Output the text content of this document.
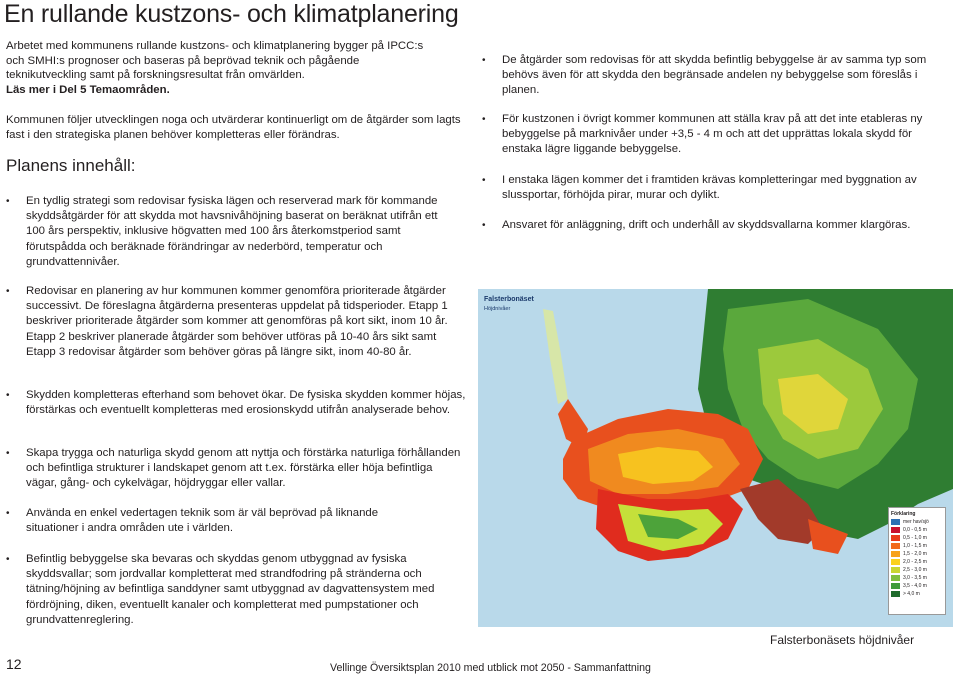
En rullande kustzons- och klimatplanering
Arbetet med kommunens rullande kustzons- och klimatplanering bygger på IPCC:s och SMHI:s prognoser och baseras på beprövad teknik och pågående teknikutveckling samt på forskningsresultat från omvärlden.
Läs mer i Del 5 Temaområden.
Kommunen följer utvecklingen noga och utvärderar kontinuerligt om de åtgärder som lagts fast i den strategiska planen behöver kompletteras eller förändras.
Planens innehåll:
• En tydlig strategi som redovisar fysiska lägen och reserverad mark för kommande skyddsåtgärder för att skydda mot havsnivåhöjning baserat on beräknat utifrån ett 100 års perspektiv, inklusive högvatten med 100 års återkomstperiod samt förutspådda och beräknade förändringar av nederbörd, temperatur och grundvattennivåer.
• Redovisar en planering av hur kommunen kommer genomföra prioriterade åtgärder successivt. De föreslagna åtgärderna presenteras uppdelat på tidsperioder. Etapp 1 beskriver prioriterade åtgärder som kommer att genomföras på kort sikt, inom 10 år. Etapp 2 beskriver planerade åtgärder som behöver utföras på 10-40 års sikt samt Etapp 3 redovisar åtgärder som behöver göras på längre sikt, inom 40-80 år.
• Skydden kompletteras efterhand som behovet ökar. De fysiska skydden kommer höjas, förstärkas och eventuellt kompletteras med erosionskydd utifrån analyserade behov.
• Skapa trygga och naturliga skydd genom att nyttja och förstärka naturliga förhållanden och befintliga strukturer i landskapet genom att t.ex. förstärka eller höja befintliga vägar, gång- och cykelvägar, höjdryggar eller vallar.
• Använda en enkel vedertagen teknik som är väl beprövad på liknande situationer i andra områden ute i världen.
• Befintlig bebyggelse ska bevaras och skyddas genom utbyggnad av fysiska skyddsvallar; som jordvallar kompletterat med strandfodring på stränderna och tätning/höjning av befintliga sanddyner samt utbyggnad av dagvattensystem med fördröjning, diken, eventuellt kanaler och kompletterat med pumpstationer och grundvattenreglering.
• De åtgärder som redovisas för att skydda befintlig bebyggelse är av samma typ som behövs även för att skydda den begränsade andelen ny bebyggelse som föreslås i planen.
• För kustzonen i övrigt kommer kommunen att ställa krav på att det inte etableras ny bebyggelse på marknivåer under +3,5 - 4 m och att det upprättas lokala skydd för enstaka lägre liggande bebyggelse.
• I enstaka lägen kommer det i framtiden krävas kompletteringar med byggnation av slussportar, förhöjda pirar, murar och dylikt.
• Ansvaret för anläggning, drift och underhåll av skyddsvallarna kommer klargöras.
Falsterbonäset
Höjdnivåer
Förklaring
mer hav/sjö
0,0 - 0,5 m
0,5 - 1,0 m
1,0 - 1,5 m
1,5 - 2,0 m
2,0 - 2,5 m
2,5 - 3,0 m
3,0 - 3,5 m
3,5 - 4,0 m
> 4,0 m
Falsterbonäsets höjdnivåer
12	Vellinge Översiktsplan 2010 med utblick mot 2050 - Sammanfattning
